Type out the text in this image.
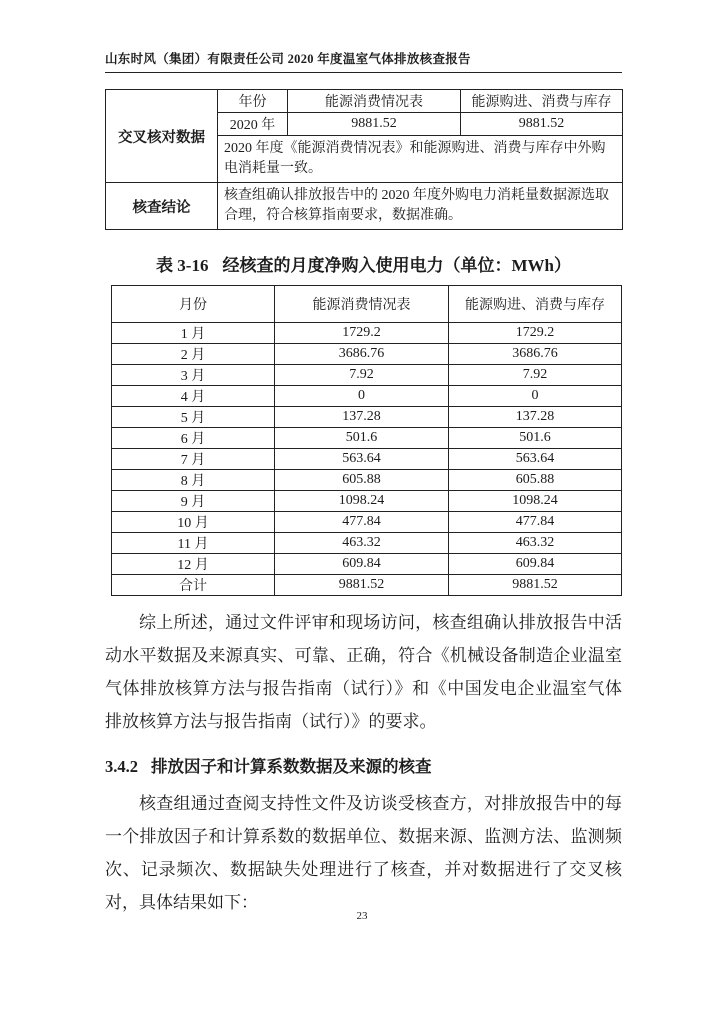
山东时风（集团）有限责任公司 2020 年度温室气体排放核查报告
交叉核对数据	年份	能源消费情况表	能源购进、消费与库存
	2020 年	9881.52	9881.52
	2020 年度《能源消费情况表》和能源购进、消费与库存中外购电消耗量一致。		
核查结论	核查组确认排放报告中的 2020 年度外购电力消耗量数据源选取合理，符合核算指南要求，数据准确。		
表 3-16 经核查的月度净购入使用电力（单位：MWh）
月份	能源消费情况表	能源购进、消费与库存
1 月	1729.2	1729.2
2 月	3686.76	3686.76
3 月	7.92	7.92
4 月	0	0
5 月	137.28	137.28
6 月	501.6	501.6
7 月	563.64	563.64
8 月	605.88	605.88
9 月	1098.24	1098.24
10 月	477.84	477.84
11 月	463.32	463.32
12 月	609.84	609.84
合计	9881.52	9881.52

综上所述，通过文件评审和现场访问，核查组确认排放报告中活动水平数据及来源真实、可靠、正确，符合《机械设备制造企业温室气体排放核算方法与报告指南（试行）》和《中国发电企业温室气体排放核算方法与报告指南（试行）》的要求。

3.4.2 排放因子和计算系数数据及来源的核查

核查组通过查阅支持性文件及访谈受核查方，对排放报告中的每一个排放因子和计算系数的数据单位、数据来源、监测方法、监测频次、记录频次、数据缺失处理进行了核查，并对数据进行了交叉核对，具体结果如下：

23
